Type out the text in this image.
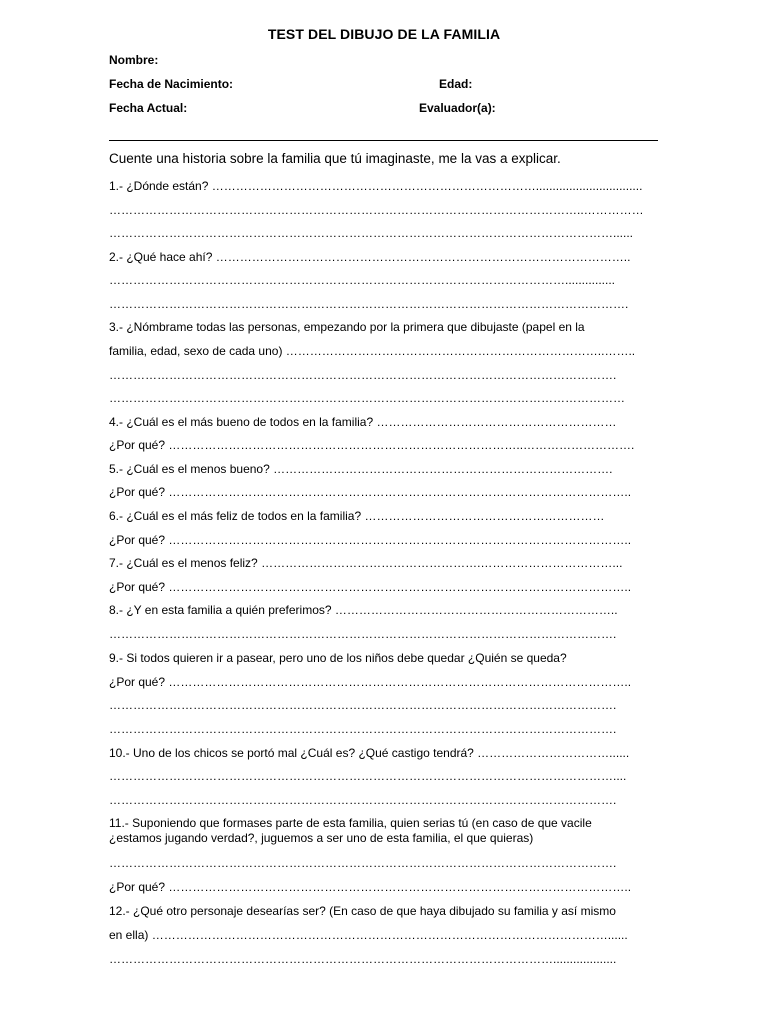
TEST DEL DIBUJO DE LA FAMILIA
Nombre:
Fecha de Nacimiento:	Edad:
Fecha Actual:	Evaluador(a):
Cuente una historia sobre la familia que tú imaginaste, me la vas a explicar.
1.- ¿Dónde están? ………………………………………………………………………................................
………………………………………………………………………………………………………..……………
………………………………………………………………………………………………………………......
2.- ¿Qué hace ahí? …………………………………………………………………………………………..
……………………………………………………………………………………………………...............
………………………………………………………………………………………………………………….
3.- ¿Nómbrame todas las personas, empezando por la primera que dibujaste (papel en la
familia, edad, sexo de cada uno) ……………………………………………………………………..……..
……………………………………………………………………………………………………………….
…………………………………………………………………………………………………………………
4.- ¿Cuál es el más bueno de todos en la familia? ……………………………………………………
¿Por qué? ……………………………………………………………………………..……………………….
5.- ¿Cuál es el menos bueno? ………………………………………………………………………….
¿Por qué? ……………………………………………………………………………………………………..
6.- ¿Cuál es el más feliz de todos en la familia? ……………………………………………………
¿Por qué? ……………………………………………………………………………………………………..
7.- ¿Cuál es el menos feliz? ……………………………………………….……………………………...
¿Por qué? ……………………………………………………………………………………………………..
8.- ¿Y en esta familia a quién preferimos? ……………………………………………………………..
……………………………………………………………………………………………………………….
9.- Si todos quieren ir a pasear, pero uno de los niños debe quedar ¿Quién se queda?
¿Por qué? ……………………………………………………………………………………………………..
……………………………………………………………………………………………………………….
……………………………………………………………………………………………………………….
10.- Uno de los chicos se portó mal ¿Cuál es? ¿Qué castigo tendrá? ……………………………......
………………………………………………………………………………………………………………....
……………………………………………………………………………………………………………….
11.- Suponiendo que formases parte de esta familia, quien serias tú (en caso de que vacile
¿estamos jugando verdad?, juguemos a ser uno de esta familia, el que quieras)
……………………………………………………………………………………………………………….
¿Por qué? ……………………………………………………………………………………………………..
12.- ¿Qué otro personaje desearías ser? (En caso de que haya dibujado su familia y así mismo
en ella) ……………………………………………………………………………………………………......
…………………………………………………………………………………………………...................
